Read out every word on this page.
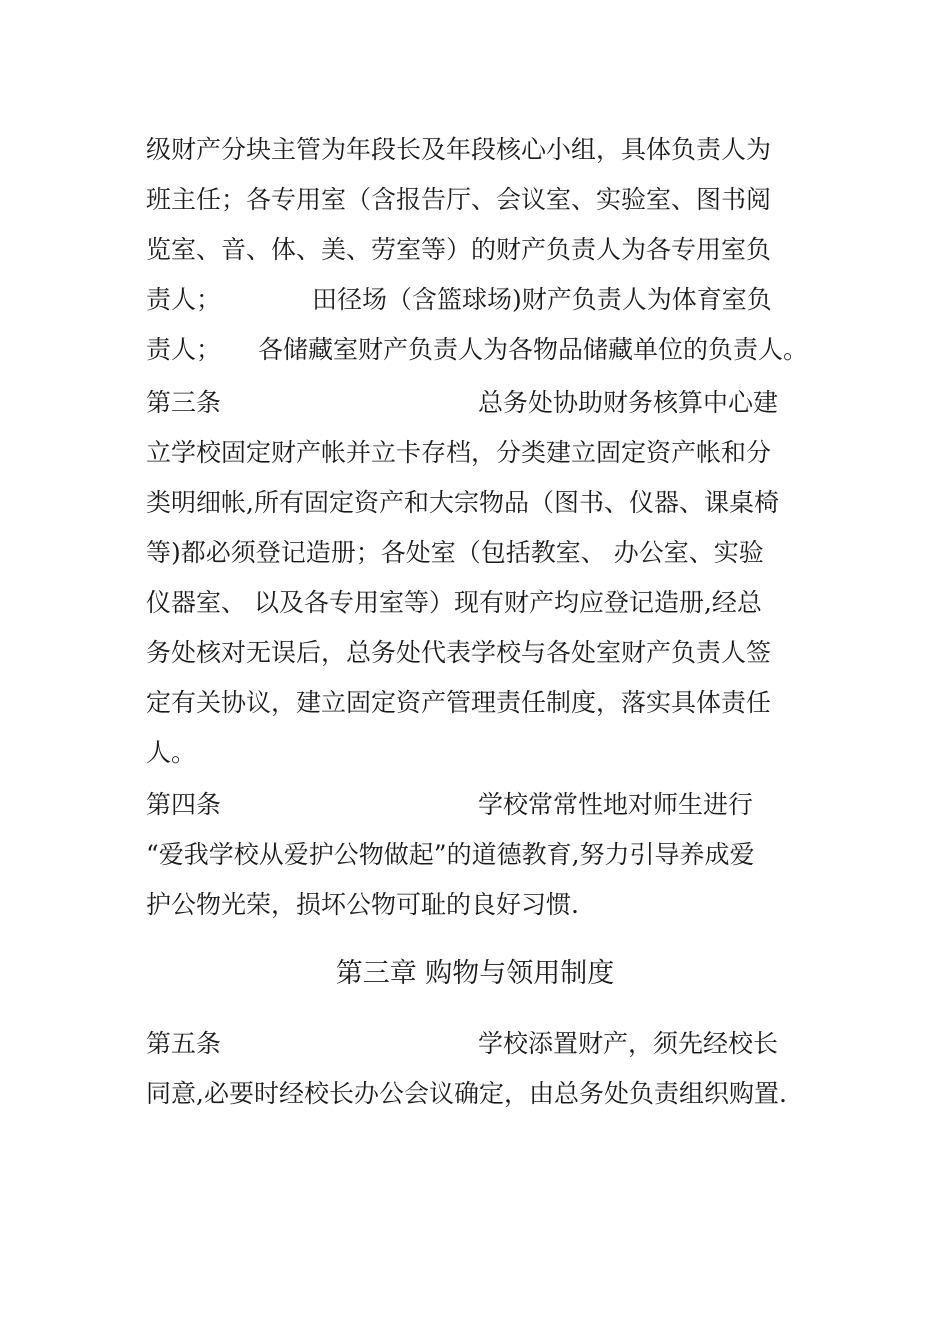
级财产分块主管为年段长及年段核心小组，具体负责人为
班主任；各专用室（含报告厅、会议室、实验室、图书阅
览室、音、体、美、劳室等）的财产负责人为各专用室负
责人；	田径场（含篮球场)财产负责人为体育室负
责人； 各储藏室财产负责人为各物品储藏单位的负责人。
第三条	总务处协助财务核算中心建
立学校固定财产帐并立卡存档，分类建立固定资产帐和分
类明细帐,所有固定资产和大宗物品（图书、仪器、课桌椅
等)都必须登记造册；各处室（包括教室、 办公室、实验
仪器室、 以及各专用室等）现有财产均应登记造册,经总
务处核对无误后，总务处代表学校与各处室财产负责人签
定有关协议，建立固定资产管理责任制度，落实具体责任
人。
第四条	学校常常性地对师生进行
“爱我学校从爱护公物做起”的道德教育,努力引导养成爱
护公物光荣，损坏公物可耻的良好习惯.
第三章 购物与领用制度
第五条	学校添置财产，须先经校长
同意,必要时经校长办公会议确定，由总务处负责组织购置.
